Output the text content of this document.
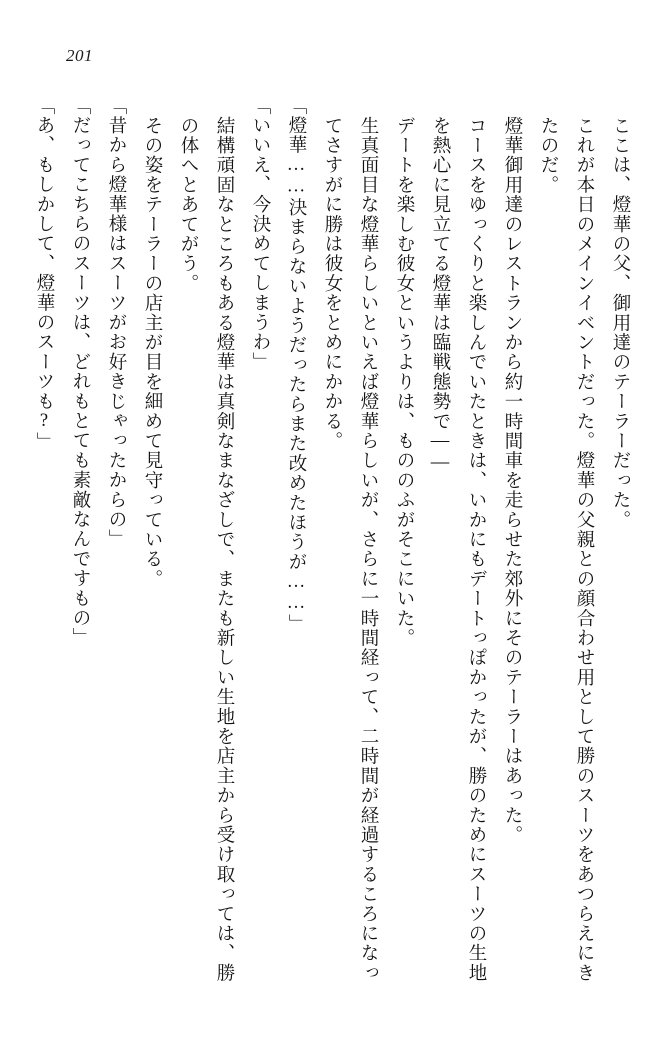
201
ここは、燈華の父、御用達のテーラーだった。
これが本日のメインイベントだった。燈華の父親との顔合わせ用として勝のスーツをあつらえにきたのだ。
燈華御用達のレストランから約一時間車を走らせた郊外にそのテーラーはあった。
コースをゆっくりと楽しんでいたときは、いかにもデートっぽかったが、勝のためにスーツの生地を熱心に見立てる燈華は臨戦態勢で――
デートを楽しむ彼女というよりは、もののふがそこにいた。
生真面目な燈華らしいといえば燈華らしいが、さらに一時間経って、二時間が経過するころになってさすがに勝は彼女をとめにかかる。
「燈華……決まらないようだったらまた改めたほうが……」
「いいえ、今決めてしまうわ」
結構頑固なところもある燈華は真剣なまなざしで、またも新しい生地を店主から受け取っては、勝の体へとあてがう。
その姿をテーラーの店主が目を細めて見守っている。
「昔から燈華様はスーツがお好きじゃったからの」
「だってこちらのスーツは、どれもとても素敵なんですもの」
「あ、もしかして、燈華のスーツも?」
